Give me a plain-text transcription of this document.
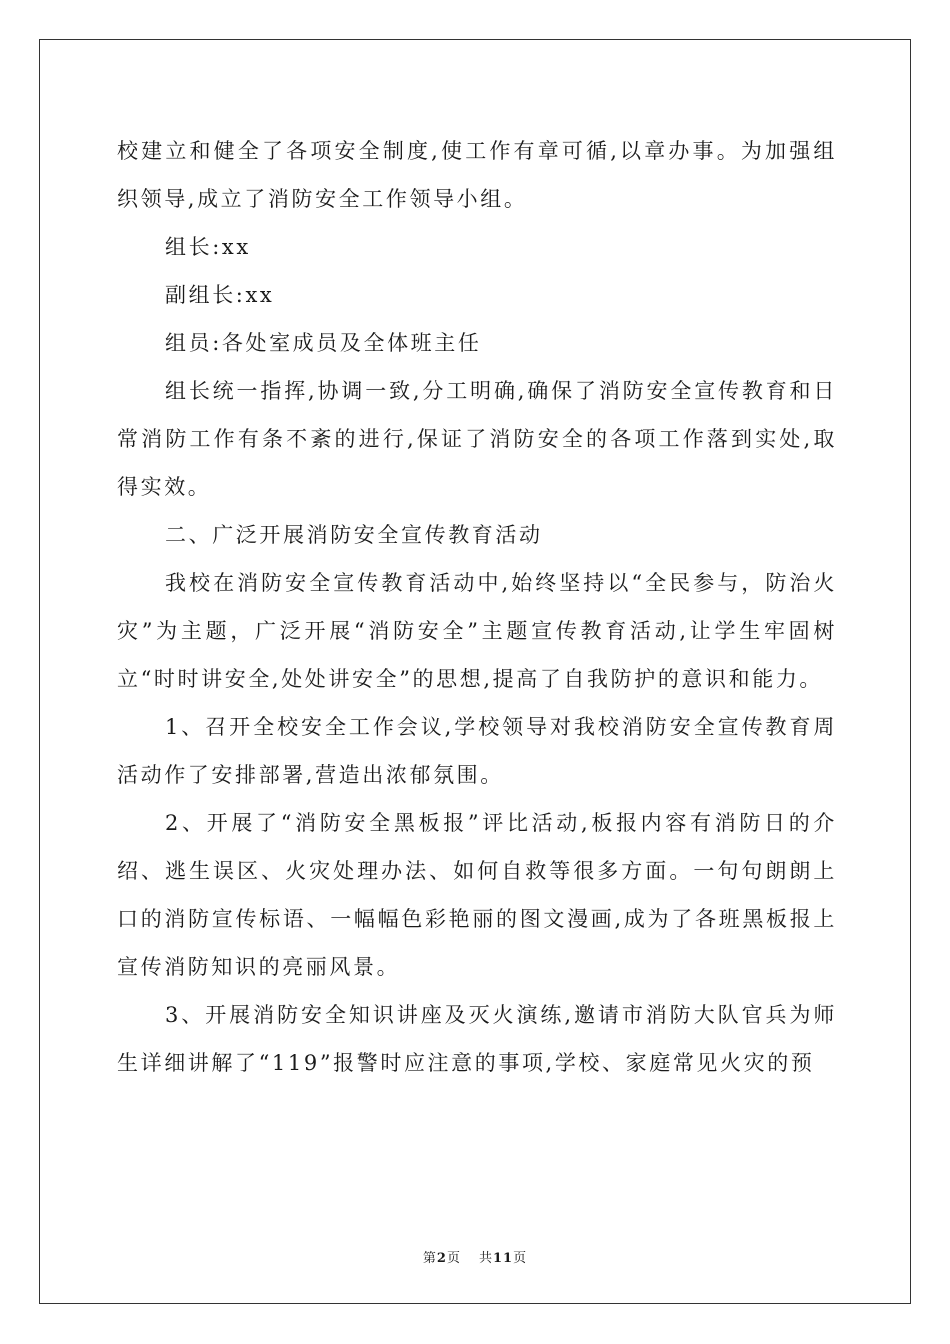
校建立和健全了各项安全制度,使工作有章可循,以章办事。为加强组织领导,成立了消防安全工作领导小组。

组长:xx

副组长:xx

组员:各处室成员及全体班主任

组长统一指挥,协调一致,分工明确,确保了消防安全宣传教育和日常消防工作有条不紊的进行,保证了消防安全的各项工作落到实处,取得实效。

二、广泛开展消防安全宣传教育活动

我校在消防安全宣传教育活动中,始终坚持以“全民参与，防治火灾”为主题，广泛开展“消防安全”主题宣传教育活动,让学生牢固树立“时时讲安全,处处讲安全”的思想,提高了自我防护的意识和能力。

1、召开全校安全工作会议,学校领导对我校消防安全宣传教育周活动作了安排部署,营造出浓郁氛围。

2、开展了“消防安全黑板报”评比活动,板报内容有消防日的介绍、逃生误区、火灾处理办法、如何自救等很多方面。一句句朗朗上口的消防宣传标语、一幅幅色彩艳丽的图文漫画,成为了各班黑板报上宣传消防知识的亮丽风景。

3、开展消防安全知识讲座及灭火演练,邀请市消防大队官兵为师生详细讲解了“119”报警时应注意的事项,学校、家庭常见火灾的预

第2页 共11页
